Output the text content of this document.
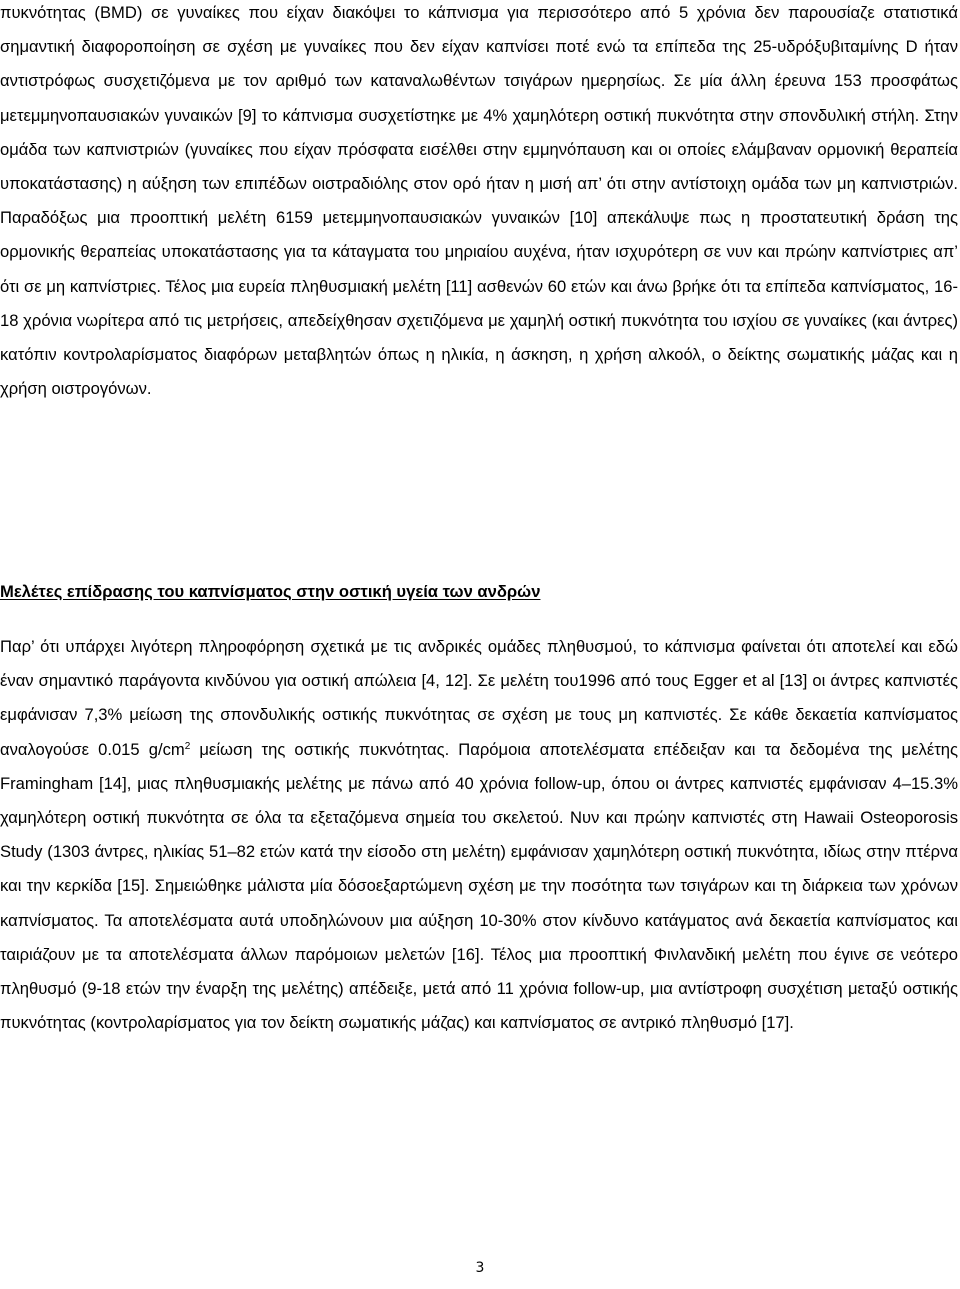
πυκνότητας (BMD) σε γυναίκες που είχαν διακόψει το κάπνισμα για περισσότερο από 5 χρόνια δεν παρουσίαζε στατιστικά σημαντική διαφοροποίηση σε σχέση με γυναίκες που δεν είχαν καπνίσει ποτέ ενώ τα επίπεδα της 25-υδρόξυβιταμίνης D ήταν αντιστρόφως συσχετιζόμενα με τον αριθμό των καταναλωθέντων τσιγάρων ημερησίως. Σε μία άλλη έρευνα 153 προσφάτως μετεμμηνοπαυσιακών γυναικών [9] το κάπνισμα συσχετίστηκε με 4% χαμηλότερη οστική πυκνότητα στην σπονδυλική στήλη. Στην ομάδα των καπνιστριών (γυναίκες που είχαν πρόσφατα εισέλθει στην εμμηνόπαυση και οι οποίες ελάμβαναν ορμονική θεραπεία υποκατάστασης) η αύξηση των επιπέδων οιστραδιόλης στον ορό ήταν η μισή απ’ ότι στην αντίστοιχη ομάδα των μη καπνιστριών. Παραδόξως μια προοπτική μελέτη 6159 μετεμμηνοπαυσιακών γυναικών [10] απεκάλυψε πως η προστατευτική δράση της ορμονικής θεραπείας υποκατάστασης για τα κάταγματα του μηριαίου αυχένα, ήταν ισχυρότερη σε νυν και πρώην καπνίστριες απ’ ότι σε μη καπνίστριες. Τέλος μια ευρεία πληθυσμιακή μελέτη [11] ασθενών 60 ετών και άνω βρήκε ότι τα επίπεδα καπνίσματος, 16-18 χρόνια νωρίτερα από τις μετρήσεις, απεδείχθησαν σχετιζόμενα με χαμηλή οστική πυκνότητα του ισχίου σε γυναίκες (και άντρες) κατόπιν κοντρολαρίσματος διαφόρων μεταβλητών όπως η ηλικία, η άσκηση, η χρήση αλκοόλ, ο δείκτης σωματικής μάζας και η χρήση οιστρογόνων.

Μελέτες επίδρασης του καπνίσματος στην οστική υγεία των ανδρών

Παρ’ ότι υπάρχει λιγότερη πληροφόρηση σχετικά με τις ανδρικές ομάδες πληθυσμού, το κάπνισμα φαίνεται ότι αποτελεί και εδώ έναν σημαντικό παράγοντα κινδύνου για οστική απώλεια [4, 12]. Σε μελέτη του1996 από τους Egger et al [13] οι άντρες καπνιστές εμφάνισαν 7,3% μείωση της σπονδυλικής οστικής πυκνότητας σε σχέση με τους μη καπνιστές. Σε κάθε δεκαετία καπνίσματος αναλογούσε 0.015 $g/cm^2$ μείωση της οστικής πυκνότητας. Παρόμοια αποτελέσματα επέδειξαν και τα δεδομένα της μελέτης Framingham [14], μιας πληθυσμιακής μελέτης με πάνω από 40 χρόνια follow-up, όπου οι άντρες καπνιστές εμφάνισαν 4–15.3% χαμηλότερη οστική πυκνότητα σε όλα τα εξεταζόμενα σημεία του σκελετού. Νυν και πρώην καπνιστές στη Hawaii Osteoporosis Study (1303 άντρες, ηλικίας 51–82 ετών κατά την είσοδο στη μελέτη) εμφάνισαν χαμηλότερη οστική πυκνότητα, ιδίως στην πτέρνα και την κερκίδα [15]. Σημειώθηκε μάλιστα μία δόσοεξαρτώμενη σχέση με την ποσότητα των τσιγάρων και τη διάρκεια των χρόνων καπνίσματος. Τα αποτελέσματα αυτά υποδηλώνουν μια αύξηση 10-30% στον κίνδυνο κατάγματος ανά δεκαετία καπνίσματος και ταιριάζουν με τα αποτελέσματα άλλων παρόμοιων μελετών [16]. Τέλος μια προοπτική Φινλανδική μελέτη που έγινε σε νεότερο πληθυσμό (9-18 ετών την έναρξη της μελέτης) απέδειξε, μετά από 11 χρόνια follow-up, μια αντίστροφη συσχέτιση μεταξύ οστικής πυκνότητας (κοντρολαρίσματος για τον δείκτη σωματικής μάζας) και καπνίσματος σε αντρικό πληθυσμό [17].

3
